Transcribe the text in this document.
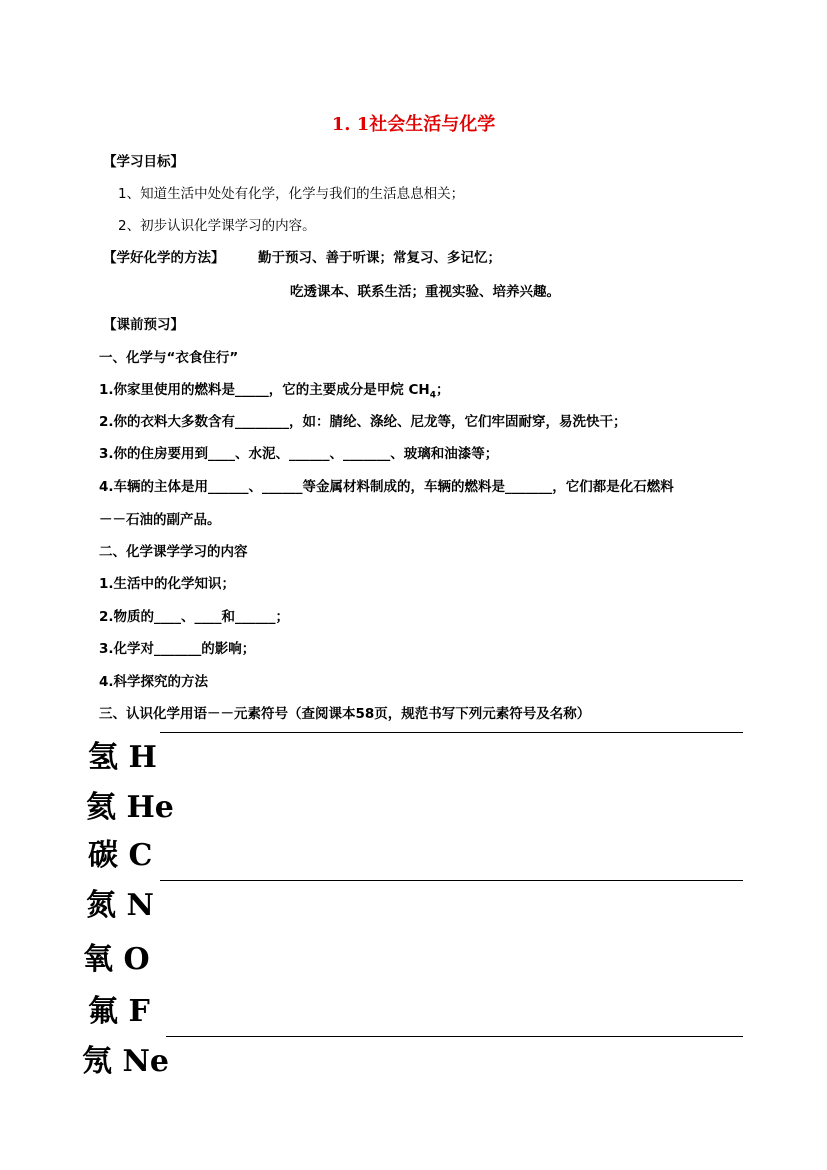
1. 1社会生活与化学
【学习目标】
1、知道生活中处处有化学，化学与我们的生活息息相关；
2、初步认识化学课学习的内容。
【学好化学的方法】 勤于预习、善于听课；常复习、多记忆；
吃透课本、联系生活；重视实验、培养兴趣。
【课前预习】
一、化学与“衣食住行”
1.你家里使用的燃料是_____，它的主要成分是甲烷 $CH_4$；
2.你的衣料大多数含有________，如：腈纶、涤纶、尼龙等，它们牢固耐穿，易洗快干；
3.你的住房要用到____、水泥、______、_______、玻璃和油漆等；
4.车辆的主体是用______、______等金属材料制成的，车辆的燃料是_______，它们都是化石燃料
－－石油的副产品。
二、化学课学学习的内容
1.生活中的化学知识；
2.物质的____、____和______；
3.化学对_______的影响；
4.科学探究的方法
三、认识化学用语－－元素符号（查阅课本58页，规范书写下列元素符号及名称）
氢 H
氦 He
碳 C
氮 N
氧 O
氟 F
氖 Ne
